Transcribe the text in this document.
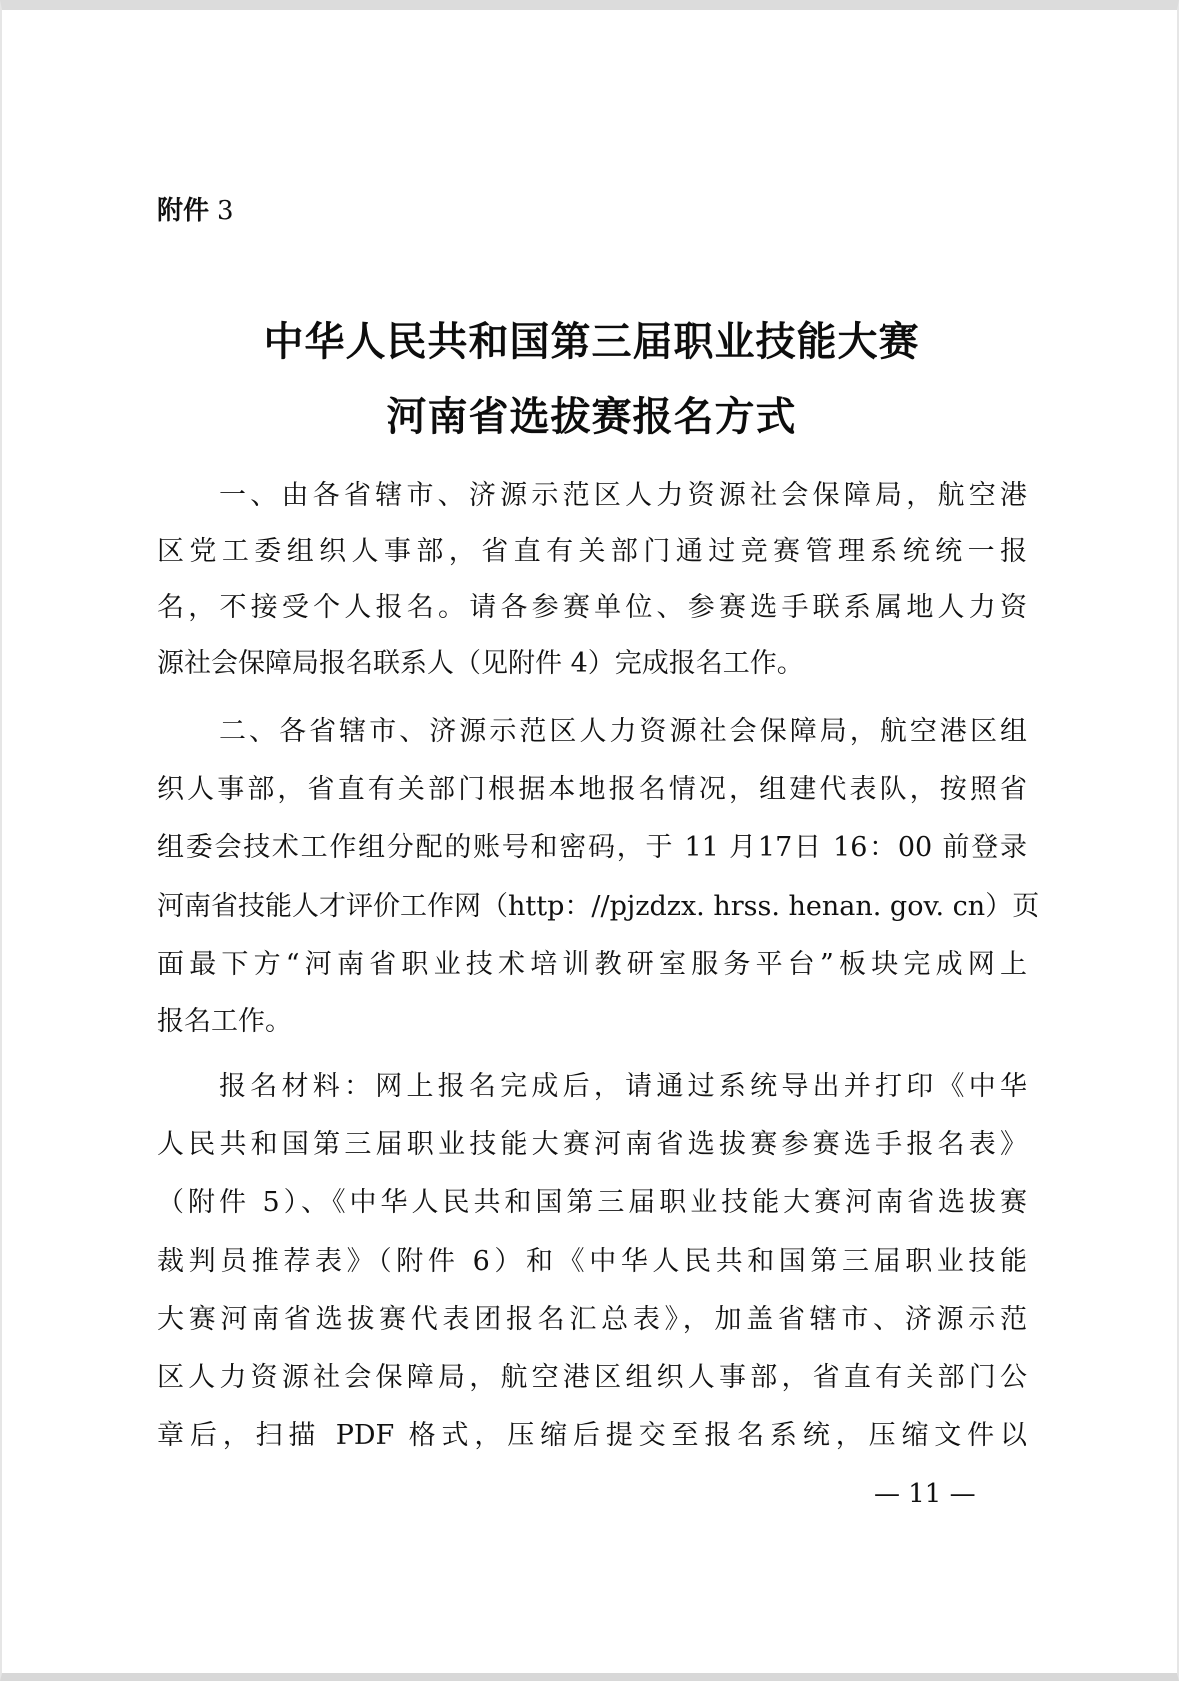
附件 3
中华人民共和国第三届职业技能大赛
河南省选拔赛报名方式
一、由各省辖市、济源示范区人力资源社会保障局，航空港
区党工委组织人事部，省直有关部门通过竞赛管理系统统一报
名，不接受个人报名。请各参赛单位、参赛选手联系属地人力资
源社会保障局报名联系人（见附件 4）完成报名工作。
二、各省辖市、济源示范区人力资源社会保障局，航空港区组
织人事部，省直有关部门根据本地报名情况，组建代表队，按照省
组委会技术工作组分配的账号和密码，于 11 月17日 16：00 前登录
河南省技能人才评价工作网（http：//pjzdzx. hrss. henan. gov. cn）页
面最下方“河南省职业技术培训教研室服务平台”板块完成网上
报名工作。
报名材料：网上报名完成后，请通过系统导出并打印《中华
人民共和国第三届职业技能大赛河南省选拔赛参赛选手报名表》
（附件 5）、《中华人民共和国第三届职业技能大赛河南省选拔赛
裁判员推荐表》（附件 6）和《中华人民共和国第三届职业技能
大赛河南省选拔赛代表团报名汇总表》，加盖省辖市、济源示范
区人力资源社会保障局，航空港区组织人事部，省直有关部门公
章后，扫描 PDF 格式，压缩后提交至报名系统，压缩文件以
— 11 —
